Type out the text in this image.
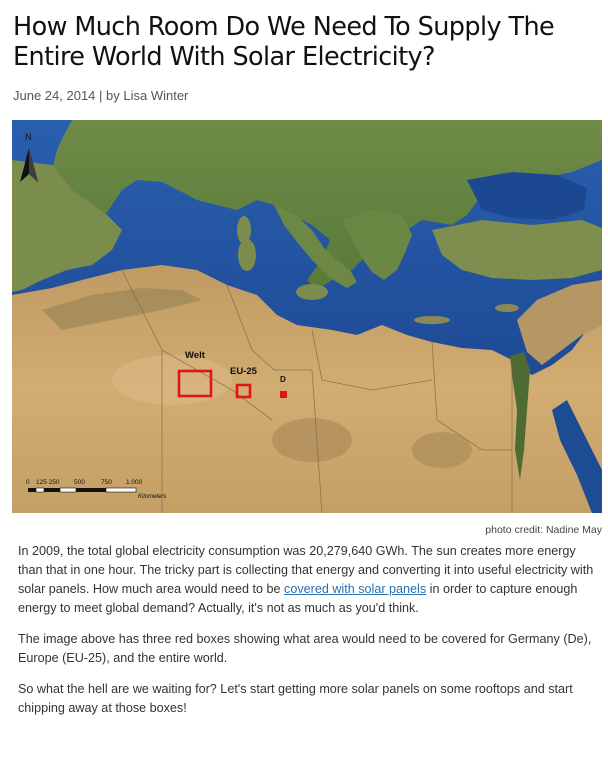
How Much Room Do We Need To Supply The Entire World With Solar Electricity?
June 24, 2014 | by Lisa Winter
N
Welt
EU-25
D
0 125 250 500 750 1.000
Kilometers
photo credit: Nadine May

In 2009, the total global electricity consumption was 20,279,640 GWh. The sun creates more energy than that in one hour. The tricky part is collecting that energy and converting it into useful electricity with solar panels. How much area would need to be covered with solar panels in order to capture enough energy to meet global demand? Actually, it's not as much as you'd think.

The image above has three red boxes showing what area would need to be covered for Germany (De), Europe (EU-25), and the entire world.

So what the hell are we waiting for? Let's start getting more solar panels on some rooftops and start chipping away at those boxes!
